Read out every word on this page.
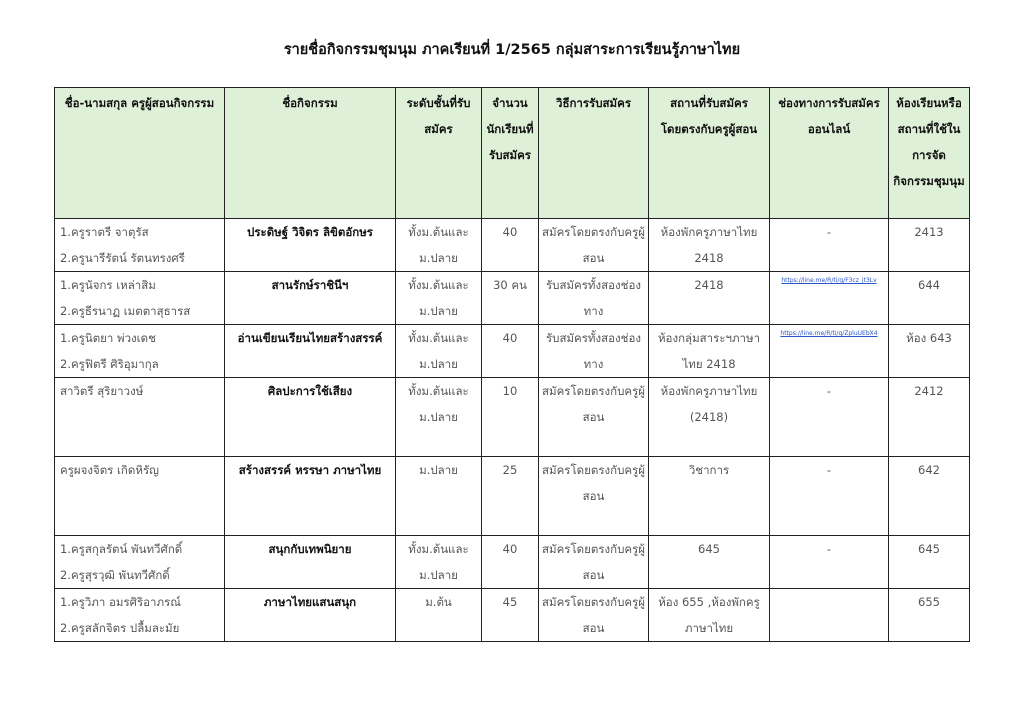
รายชื่อกิจกรรมชุมนุม ภาคเรียนที่ 1/2565 กลุ่มสาระการเรียนรู้ภาษาไทย
ชื่อ-นามสกุล ครูผู้สอนกิจกรรม	ชื่อกิจกรรม	ระดับชั้นที่รับสมัคร	จำนวนนักเรียนที่รับสมัคร	วิธีการรับสมัคร	สถานที่รับสมัครโดยตรงกับครูผู้สอน	ช่องทางการรับสมัครออนไลน์	ห้องเรียนหรือสถานที่ใช้ในการจัดกิจกรรมชุมนุม

1.ครูราตรี จาตุรัส
2.ครูนารีรัตน์ รัตนทรงศรี	ประดิษฐ์ วิจิตร ลิขิตอักษร	ทั้งม.ต้นและม.ปลาย	40	สมัครโดยตรงกับครูผู้สอน	ห้องพักครูภาษาไทย 2418	-	2413

1.ครูนัจกร เหล่าสิม
2.ครูธีรนาฏ เมตตาสุธารส	สานรักษ์ราชินีฯ	ทั้งม.ต้นและม.ปลาย	30 คน	รับสมัครทั้งสองช่องทาง	2418	https://line.me/R/ti/g/F3cz_jt3Lv	644

1.ครูนิตยา พ่วงเดช
2.ครูฟิตรี ศิริอุมากุล	อ่านเขียนเรียนไทยสร้างสรรค์	ทั้งม.ต้นและม.ปลาย	40	รับสมัครทั้งสองช่องทาง	ห้องกลุ่มสาระฯภาษาไทย 2418	https://line.me/R/ti/g/ZpluUEbX4	ห้อง 643

สาวิตรี สุริยาวงษ์	ศิลปะการใช้เสียง	ทั้งม.ต้นและม.ปลาย	10	สมัครโดยตรงกับครูผู้สอน	ห้องพักครูภาษาไทย (2418)	-	2412

ครูผจงจิตร เกิดหิรัญ	สร้างสรรค์ หรรษา ภาษาไทย	ม.ปลาย	25	สมัครโดยตรงกับครูผู้สอน	วิชาการ	-	642

1.ครูสกุลรัตน์ พันทวีศักดิ์
2.ครูสุรวุฒิ พันทวีศักดิ์	สนุกกับเทพนิยาย	ทั้งม.ต้นและม.ปลาย	40	สมัครโดยตรงกับครูผู้สอน	645	-	645

1.ครูวิภา อมรศิริอาภรณ์
2.ครูสลักจิตร ปลื้มละมัย	ภาษาไทยแสนสนุก	ม.ต้น	45	สมัครโดยตรงกับครูผู้สอน	ห้อง 655 ,ห้องพักครูภาษาไทย		655
